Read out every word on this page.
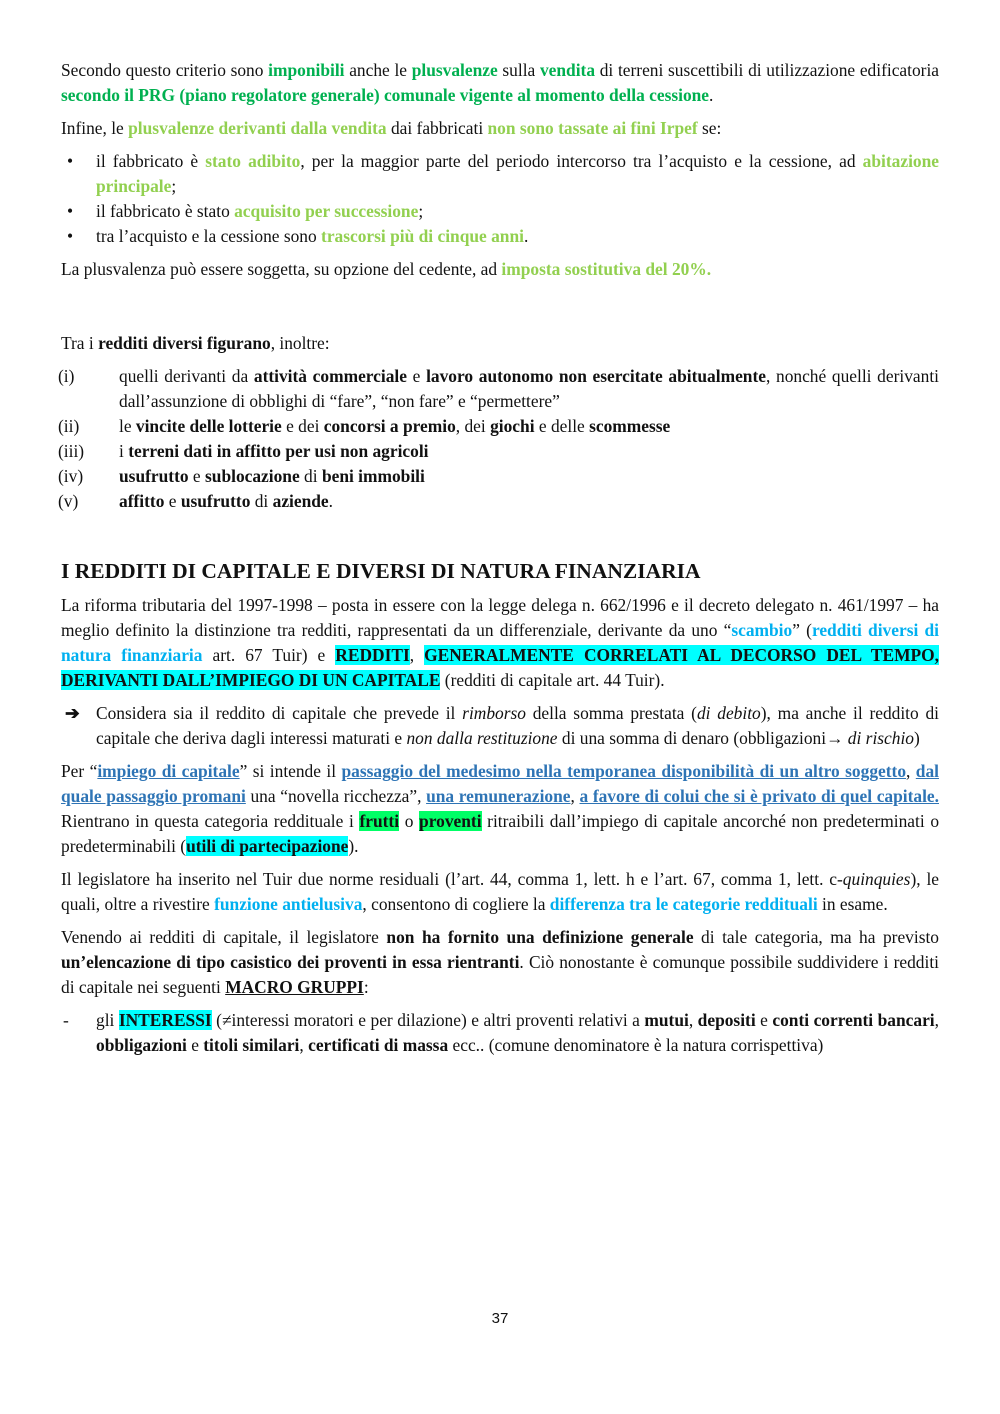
Secondo questo criterio sono imponibili anche le plusvalenze sulla vendita di terreni suscettibili di utilizzazione edificatoria secondo il PRG (piano regolatore generale) comunale vigente al momento della cessione.

Infine, le plusvalenze derivanti dalla vendita dai fabbricati non sono tassate ai fini Irpef se:

• il fabbricato è stato adibito, per la maggior parte del periodo intercorso tra l’acquisto e la cessione, ad abitazione principale;
• il fabbricato è stato acquisito per successione;
• tra l’acquisto e la cessione sono trascorsi più di cinque anni.

La plusvalenza può essere soggetta, su opzione del cedente, ad imposta sostitutiva del 20%.

Tra i redditi diversi figurano, inoltre:

(i)	quelli derivanti da attività commerciale e lavoro autonomo non esercitate abitualmente, nonché quelli derivanti dall’assunzione di obblighi di “fare”, “non fare” e “permettere”
(ii) le vincite delle lotterie e dei concorsi a premio, dei giochi e delle scommesse
(iii) i terreni dati in affitto per usi non agricoli
(iv) usufrutto e sublocazione di beni immobili
(v) affitto e usufrutto di aziende.
I REDDITI DI CAPITALE E DIVERSI DI NATURA FINANZIARIA

La riforma tributaria del 1997-1998 – posta in essere con la legge delega n. 662/1996 e il decreto delegato n. 461/1997 – ha meglio definito la distinzione tra redditi, rappresentati da un differenziale, derivante da uno “scambio” (redditi diversi di natura finanziaria art. 67 Tuir) e REDDITI, GENERALMENTE CORRELATI AL DECORSO DEL TEMPO, DERIVANTI DALL’IMPIEGO DI UN CAPITALE (redditi di capitale art. 44 Tuir).

➔ Considera sia il reddito di capitale che prevede il rimborso della somma prestata (di debito), ma anche il reddito di capitale che deriva dagli interessi maturati e non dalla restituzione di una somma di denaro (obbligazioni→ di rischio)

Per “impiego di capitale” si intende il passaggio del medesimo nella temporanea disponibilità di un altro soggetto, dal quale passaggio promani una “novella ricchezza”, una remunerazione, a favore di colui che si è privato di quel capitale. Rientrano in questa categoria reddituale i frutti o proventi ritraibili dall’impiego di capitale ancorché non predeterminati o predeterminabili (utili di partecipazione).

Il legislatore ha inserito nel Tuir due norme residuali (l’art. 44, comma 1, lett. h e l’art. 67, comma 1, lett. c-quinquies), le quali, oltre a rivestire funzione antielusiva, consentono di cogliere la differenza tra le categorie reddituali in esame.

Venendo ai redditi di capitale, il legislatore non ha fornito una definizione generale di tale categoria, ma ha previsto un’elencazione di tipo casistico dei proventi in essa rientranti. Ciò nonostante è comunque possibile suddividere i redditi di capitale nei seguenti MACRO GRUPPI:

- gli INTERESSI (≠interessi moratori e per dilazione) e altri proventi relativi a mutui, depositi e conti correnti bancari, obbligazioni e titoli similari, certificati di massa ecc.. (comune denominatore è la natura corrispettiva)
37
